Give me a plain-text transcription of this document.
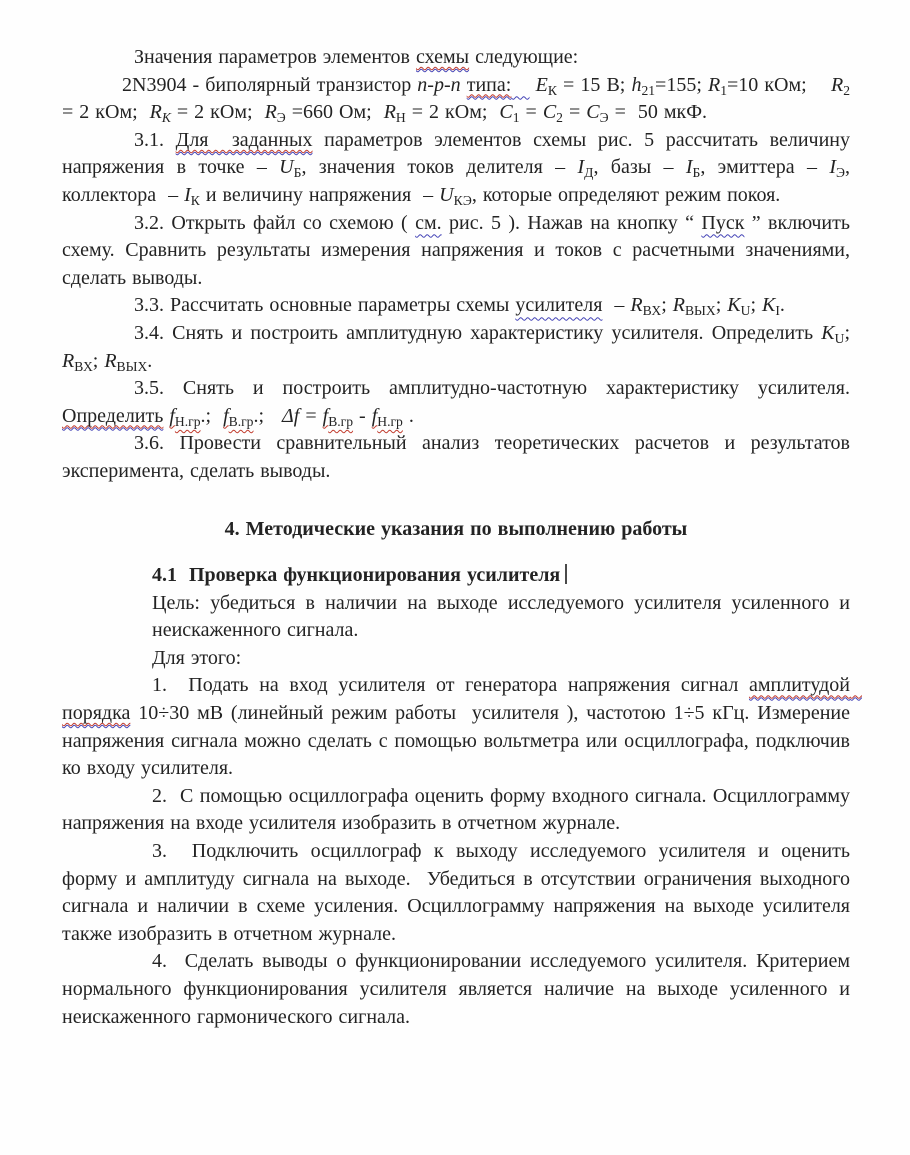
Значения параметров элементов схемы следующие:

2N3904 - биполярный транзистор n-p-n типа: $E_К = 15$ В; $h_{21}=155$; $R_1=10$ кОм;    $R_2 = 2$ кОм;  $R_К = 2$ кОм;  $R_Э =660$ Ом;  $R_Н = 2$ кОм;  $C_1 = C_2 = C_Э = 50$ мкФ.

3.1. Для  заданных параметров элементов схемы рис. 5 рассчитать величину напряжения в точке – $U_Б$, значения токов делителя – $I_Д$, базы – $I_Б$, эмиттера – $I_Э$, коллектора  – $I_К$ и величину напряжения  – $U_{КЭ}$, которые определяют режим покоя.

3.2. Открыть файл со схемою ( см. рис. 5 ). Нажав на кнопку “ Пуск ” включить схему. Сравнить результаты измерения напряжения и токов с расчетными значениями, сделать выводы.

3.3. Рассчитать основные параметры схемы усилителя  – $R_{ВХ}$; $R_{ВЫХ}$; $K_U$; $K_I$.

3.4. Снять и построить амплитудную характеристику усилителя. Определить $K_U$; $R_{ВХ}$; $R_{ВЫХ}$.

3.5. Снять и построить амплитудно-частотную характеристику усилителя. Определить $f_{Н.гр}$.;  $f_{В.гр}$.;   $\Delta f = f_{В.гр} - f_{Н.гр}$ .

3.6. Провести сравнительный анализ теоретических расчетов и результатов эксперимента, сделать выводы.

4. Методические указания по выполнению работы

4.1  Проверка функционирования усилителя

Цель: убедиться в наличии на выходе исследуемого усилителя усиленного и неискаженного сигнала.

Для этого:

1.  Подать на вход усилителя от генератора напряжения сигнал амплитудой  порядка 10÷30 мВ (линейный режим работы  усилителя ), частотою 1÷5 кГц. Измерение напряжения сигнала можно сделать с помощью вольтметра или осциллографа, подключив ко входу усилителя.

2.  С помощью осциллографа оценить форму входного сигнала. Осциллограмму напряжения на входе усилителя изобразить в отчетном журнале.

3.  Подключить осциллограф к выходу исследуемого усилителя и оценить форму и амплитуду сигнала на выходе.  Убедиться в отсутствии ограничения выходного сигнала и наличии в схеме усиления. Осциллограмму напряжения на выходе усилителя также изобразить в отчетном журнале.

4.  Сделать выводы о функционировании исследуемого усилителя. Критерием нормального функционирования усилителя является наличие на выходе усиленного и неискаженного гармонического сигнала.
